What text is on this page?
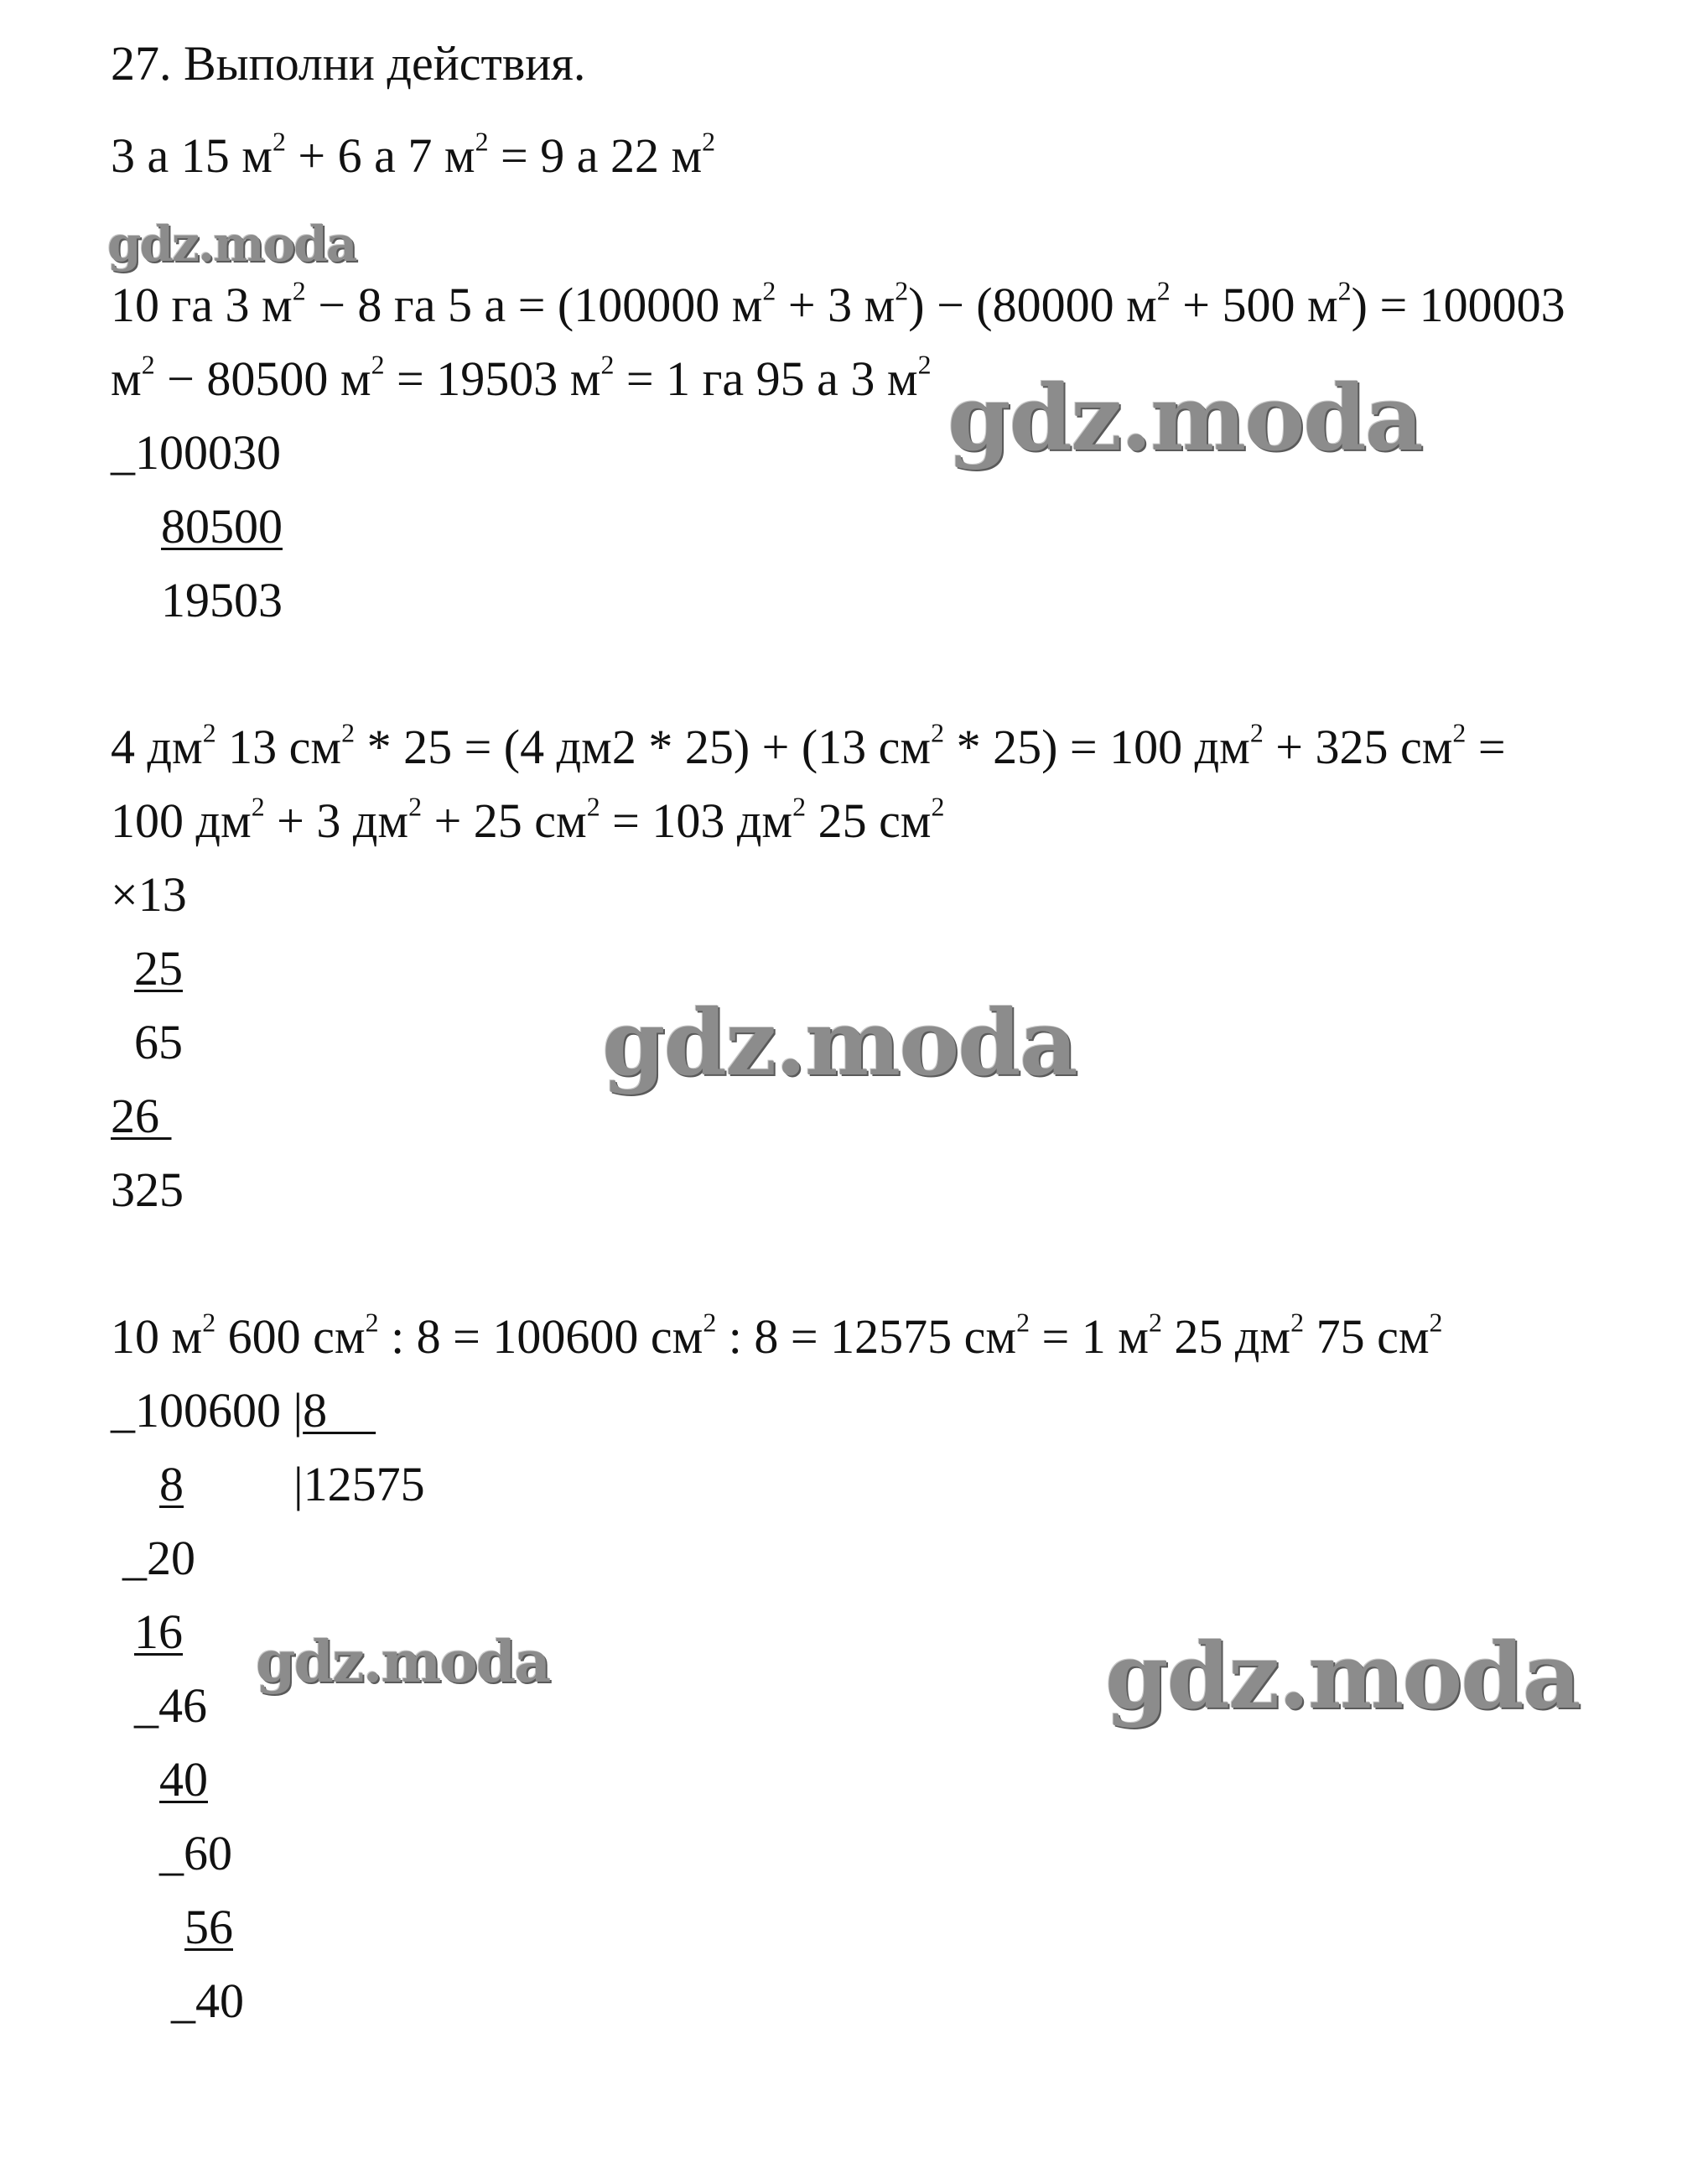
27. Выполни действия.
3 а 15 $м^2 + 6$ а 7 $м^2 = 9$ а 22 $м^2$
gdz.moda
10 га 3 $м^2 - 8$ га 5 а = (100000 $м^2 + 3$ $м^2) - (80000$ $м^2 + 500$ $м^2) = 100003$
$м^2 - 80500$ $м^2 = 19503$ $м^2 = 1$ га 95 а 3 $м^2$
gdz.moda
_100030
80500
19503
4 $дм^2$ 13 $см^2 * 25 = (4$ дм2 * 25) + (13 $см^2 * 25) = 100$ $дм^2 + 325$ $см^2$ =
100 $дм^2 + 3$ $дм^2 + 25$ $см^2 = 103$ $дм^2$ 25 $см^2$
×13
25
65
26
325
gdz.moda
10 $м^2$ 600 $см^2$ : 8 = 100600 $см^2$ : 8 = 12575 $см^2 = 1$ $м^2$ 25 $дм^2$ 75 $см^2$
_100600 |8
|12575
8
_20
16
_46
40
_60
56
_40
gdz.moda	gdz.moda
